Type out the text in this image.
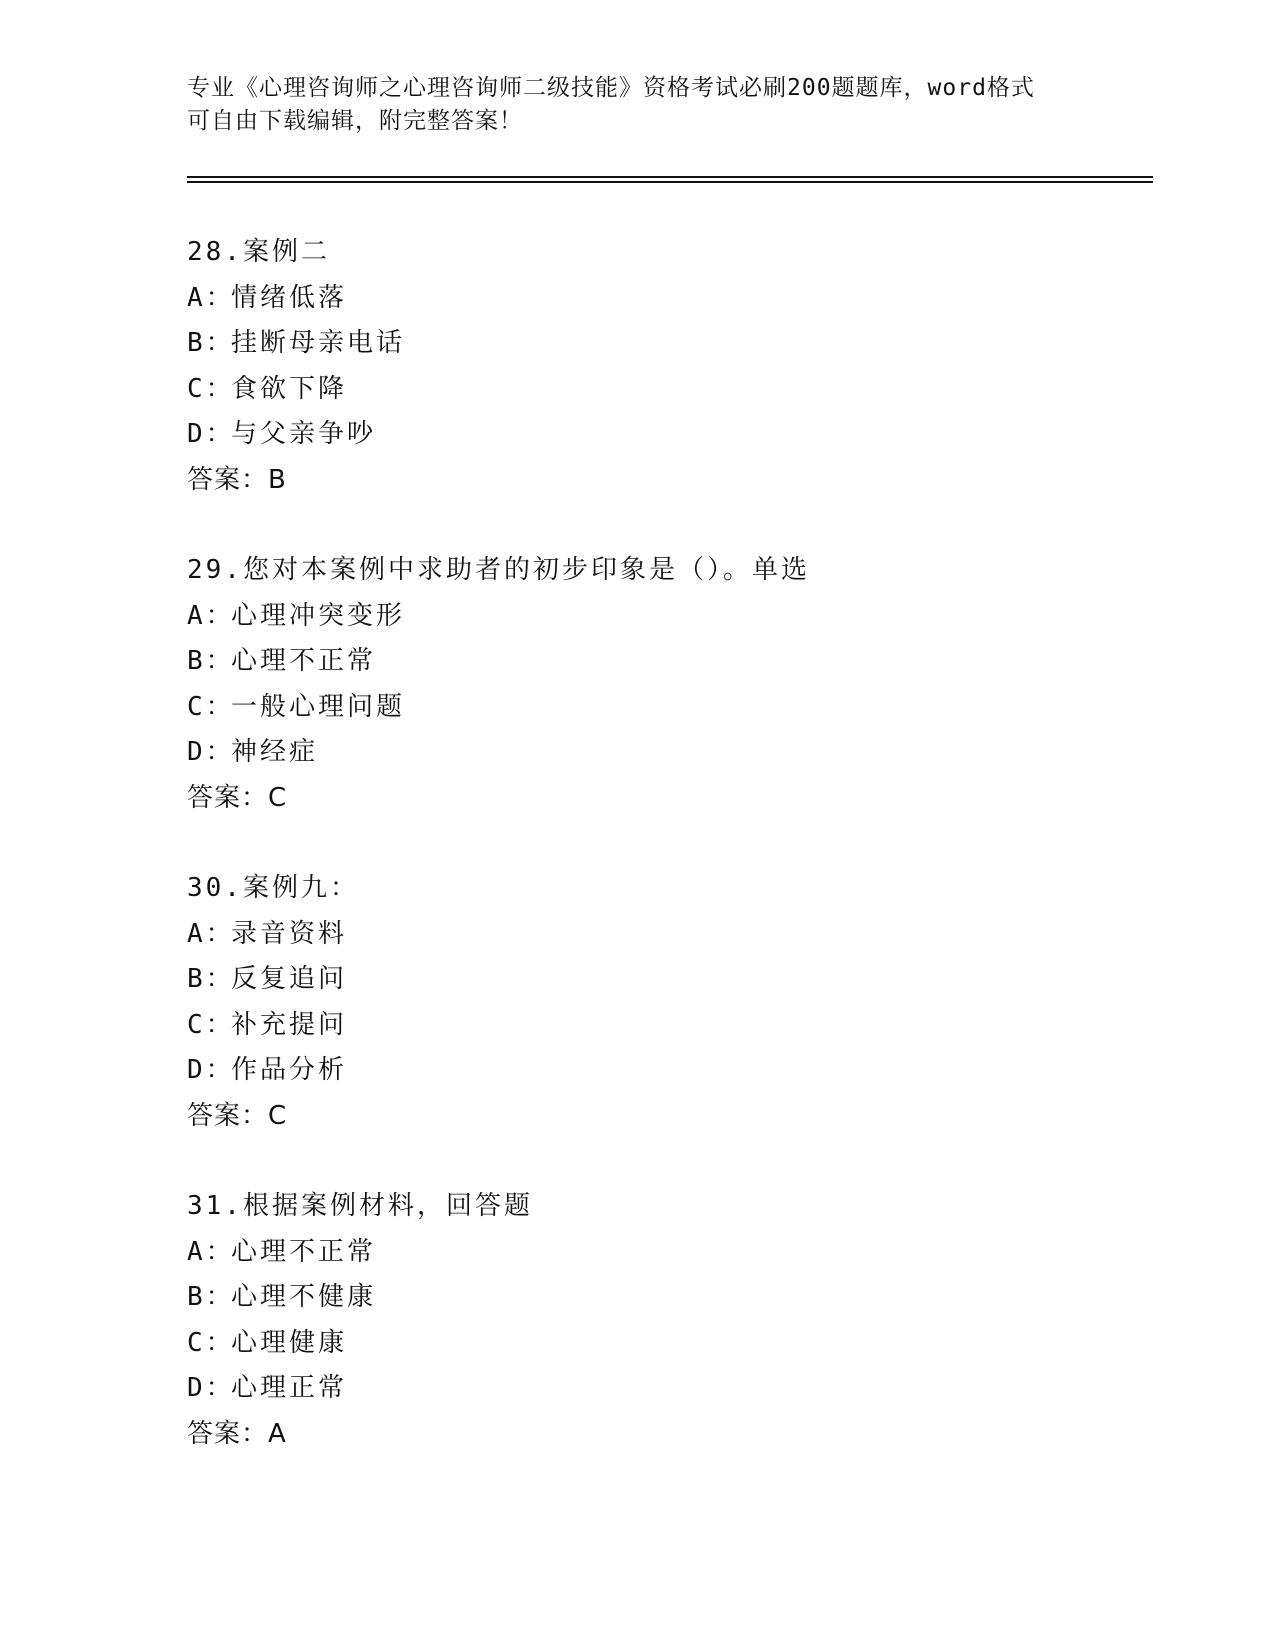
专业《心理咨询师之心理咨询师二级技能》资格考试必刷200题题库，word格式
可自由下载编辑，附完整答案！
28.案例二
A：情绪低落
B：挂断母亲电话
C：食欲下降
D：与父亲争吵
答案：B
29.您对本案例中求助者的初步印象是（）。单选
A：心理冲突变形
B：心理不正常
C：一般心理问题
D：神经症
答案：C
30.案例九：
A：录音资料
B：反复追问
C：补充提问
D：作品分析
答案：C
31.根据案例材料，回答题
A：心理不正常
B：心理不健康
C：心理健康
D：心理正常
答案：A
